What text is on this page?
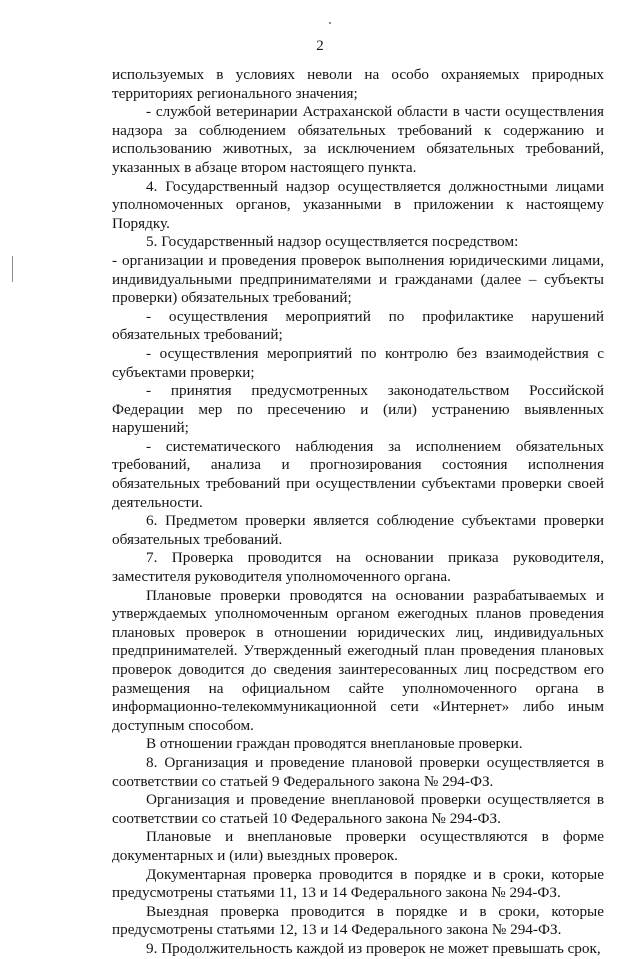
2

используемых в условиях неволи на особо охраняемых природных территориях регионального значения;

- службой ветеринарии Астраханской области в части осуществления надзора за соблюдением обязательных требований к содержанию и использованию животных, за исключением обязательных требований, указанных в абзаце втором настоящего пункта.

4. Государственный надзор осуществляется должностными лицами уполномоченных органов, указанными в приложении к настоящему Порядку.

5. Государственный надзор осуществляется посредством:

- организации и проведения проверок выполнения юридическими лицами, индивидуальными предпринимателями и гражданами (далее – субъекты проверки) обязательных требований;

- осуществления мероприятий по профилактике нарушений обязательных требований;

- осуществления мероприятий по контролю без взаимодействия с субъектами проверки;

- принятия предусмотренных законодательством Российской Федерации мер по пресечению и (или) устранению выявленных нарушений;

- систематического наблюдения за исполнением обязательных требований, анализа и прогнозирования состояния исполнения обязательных требований при осуществлении субъектами проверки своей деятельности.

6. Предметом проверки является соблюдение субъектами проверки обязательных требований.

7. Проверка проводится на основании приказа руководителя, заместителя руководителя уполномоченного органа.

Плановые проверки проводятся на основании разрабатываемых и утверждаемых уполномоченным органом ежегодных планов проведения плановых проверок в отношении юридических лиц, индивидуальных предпринимателей. Утвержденный ежегодный план проведения плановых проверок доводится до сведения заинтересованных лиц посредством его размещения на официальном сайте уполномоченного органа в информационно-телекоммуникационной сети «Интернет» либо иным доступным способом.

В отношении граждан проводятся внеплановые проверки.

8. Организация и проведение плановой проверки осуществляется в соответствии со статьей 9 Федерального закона № 294-ФЗ.

Организация и проведение внеплановой проверки осуществляется в соответствии со статьей 10 Федерального закона № 294-ФЗ.

Плановые и внеплановые проверки осуществляются в форме документарных и (или) выездных проверок.

Документарная проверка проводится в порядке и в сроки, которые предусмотрены статьями 11, 13 и 14 Федерального закона № 294-ФЗ.

Выездная проверка проводится в порядке и в сроки, которые предусмотрены статьями 12, 13 и 14 Федерального закона № 294-ФЗ.

9. Продолжительность каждой из проверок не может превышать срок,
